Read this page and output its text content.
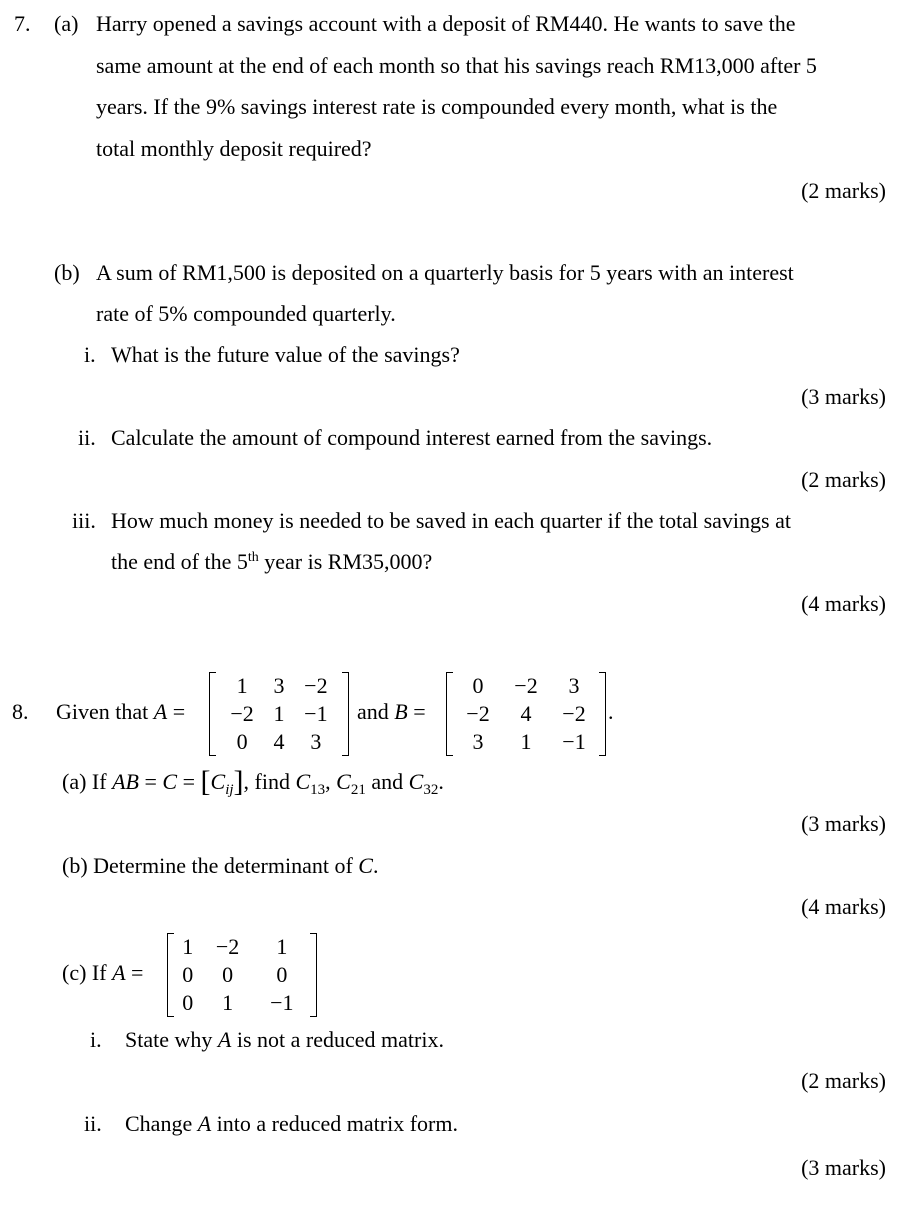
7. (a) Harry opened a savings account with a deposit of RM440. He wants to save the
same amount at the end of each month so that his savings reach RM13,000 after 5
years. If the 9% savings interest rate is compounded every month, what is the
total monthly deposit required?
(2 marks)
(b) A sum of RM1,500 is deposited on a quarterly basis for 5 years with an interest
rate of 5% compounded quarterly.
i. What is the future value of the savings?
(3 marks)
ii. Calculate the amount of compound interest earned from the savings.
(2 marks)
iii. How much money is needed to be saved in each quarter if the total savings at
the end of the 5th year is RM35,000?
(4 marks)
8. Given that A =
1	3	−2
−2	1	−1
0	4	3
and B =
0	−2	3
−2	4	−2
3	1	−1
.
(a) If AB = $C = [C_{ij}]$, find $C_{13}$, $C_{21}$ and $C_{32}$.
(3 marks)
(b) Determine the determinant of C.
(4 marks)
(c) If A =
1	−2	1
0	0	0
0	1	−1
i. State why A is not a reduced matrix.
(2 marks)
ii. Change A into a reduced matrix form.
(3 marks)
